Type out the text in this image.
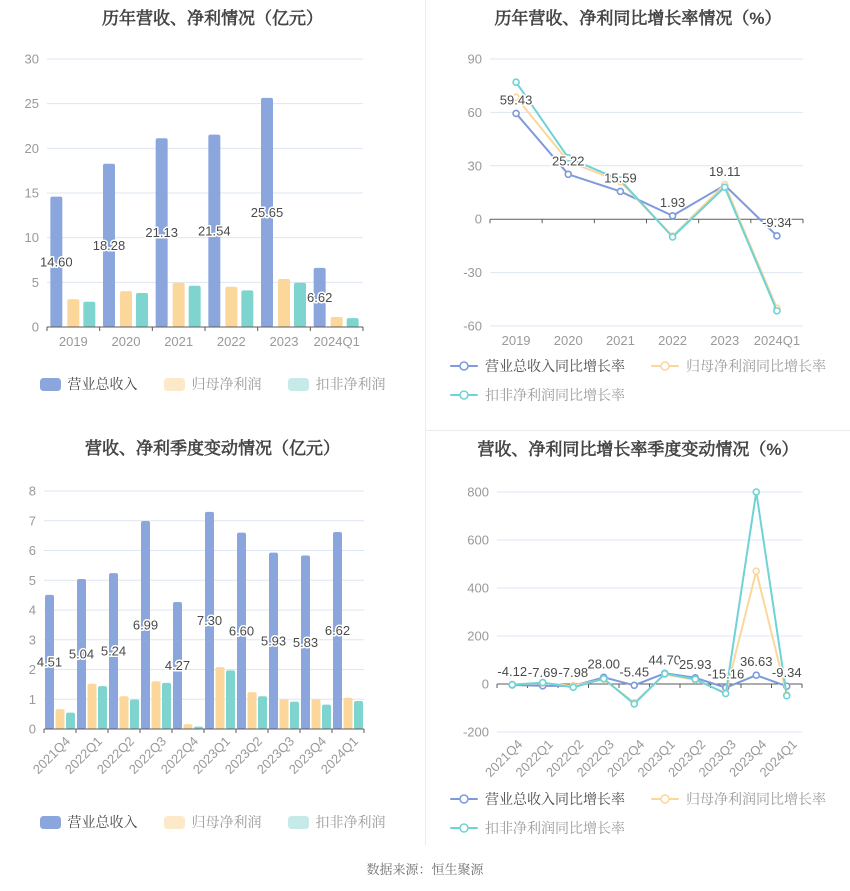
历年营收、净利情况（亿元）
0
5
10
15
20
25
30
2019 2020 2021 2022 2023 2024Q1
14.60
18.28
21.13 21.54
25.65
6.62
营业总收入	归母净利润	扣非净利润
历年营收、净利同比增长率情况（%）
-60
-30
0
30
60
90
2019 2020 2021 2022 2023 2024Q1
59.43
25.22
15.59
1.93
19.11
-9.34
营业总收入同比增长率	归母净利润同比增长率
扣非净利润同比增长率
营收、净利季度变动情况（亿元）
0
1
2
3
4
5
6
7
8
2021Q4
2022Q1
2022Q2
2022Q3
2022Q4
2023Q1
2023Q2
2023Q3
2023Q4
2024Q1
4.51
5.04 5.24
6.99
4.27
7.30
6.60
5.93 5.83
6.62
营业总收入	归母净利润	扣非净利润
营收、净利同比增长率季度变动情况（%）
-200
0
200
400
600
800
2021Q4
2022Q1
2022Q2
2022Q3
2022Q4
2023Q1
2023Q2
2023Q3
2023Q4
2024Q1
-4.12 -7.69 -7.98
28.00
-5.45
44.70
25.93
-15.16
36.63
-9.34
营业总收入同比增长率	归母净利润同比增长率
扣非净利润同比增长率
数据来源：恒生聚源
